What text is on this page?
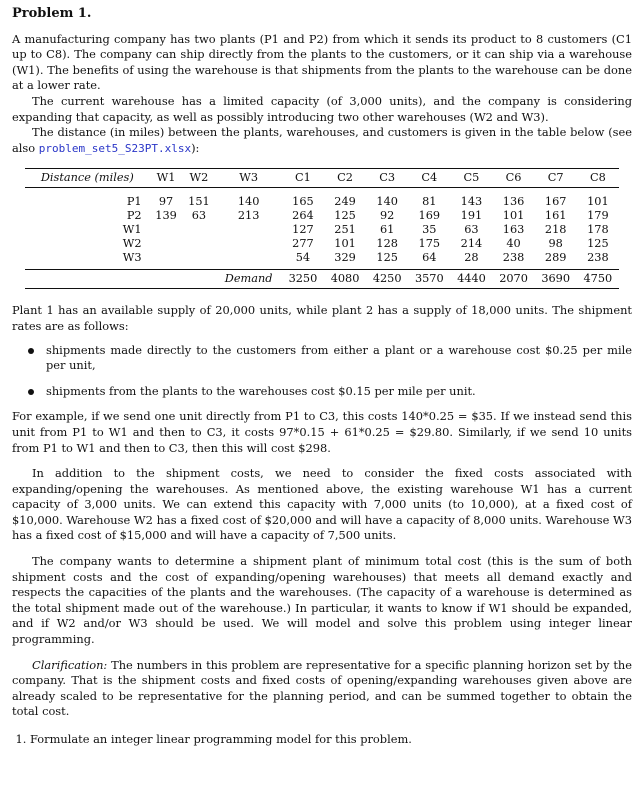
Problem 1.

A manufacturing company has two plants (P1 and P2) from which it sends its product to 8 customers (C1 up to C8). The company can ship directly from the plants to the customers, or it can ship via a warehouse (W1). The benefits of using the warehouse is that shipments from the plants to the warehouse can be done at a lower rate.

The current warehouse has a limited capacity (of 3,000 units), and the company is considering expanding that capacity, as well as possibly introducing two other warehouses (W2 and W3).

The distance (in miles) between the plants, warehouses, and customers is given in the table below (see also problem_set5_S23PT.xlsx):

Distance (miles)	W1	W2	W3	C1	C2	C3	C4	C5	C6	C7	C8
P1	97	151	140	165	249	140	81	143	136	167	101
P2	139	63	213	264	125	92	169	191	101	161	179
W1				127	251	61	35	63	163	218	178
W2				277	101	128	175	214	40	98	125
W3				54	329	125	64	28	238	289	238
			Demand	3250	4080	4250	3570	4440	2070	3690	4750

Plant 1 has an available supply of 20,000 units, while plant 2 has a supply of 18,000 units. The shipment rates are as follows:

shipments made directly to the customers from either a plant or a warehouse cost $0.25 per mile per unit,
shipments from the plants to the warehouses cost $0.15 per mile per unit.

For example, if we send one unit directly from P1 to C3, this costs 140*0.25 = $35. If we instead send this unit from P1 to W1 and then to C3, it costs 97*0.15 + 61*0.25 = $29.80. Similarly, if we send 10 units from P1 to W1 and then to C3, then this will cost $298.

In addition to the shipment costs, we need to consider the fixed costs associated with expanding/opening the warehouses. As mentioned above, the existing warehouse W1 has a current capacity of 3,000 units. We can extend this capacity with 7,000 units (to 10,000), at a fixed cost of $10,000. Warehouse W2 has a fixed cost of $20,000 and will have a capacity of 8,000 units. Warehouse W3 has a fixed cost of $15,000 and will have a capacity of 7,500 units.

The company wants to determine a shipment plant of minimum total cost (this is the sum of both shipment costs and the cost of expanding/opening warehouses) that meets all demand exactly and respects the capacities of the plants and the warehouses. (The capacity of a warehouse is determined as the total shipment made out of the warehouse.) In particular, it wants to know if W1 should be expanded, and if W2 and/or W3 should be used. We will model and solve this problem using integer linear programming.

Clarification: The numbers in this problem are representative for a specific planning horizon set by the company. That is the shipment costs and fixed costs of opening/expanding warehouses given above are already scaled to be representative for the planning period, and can be summed together to obtain the total cost.

1. Formulate an integer linear programming model for this problem.
